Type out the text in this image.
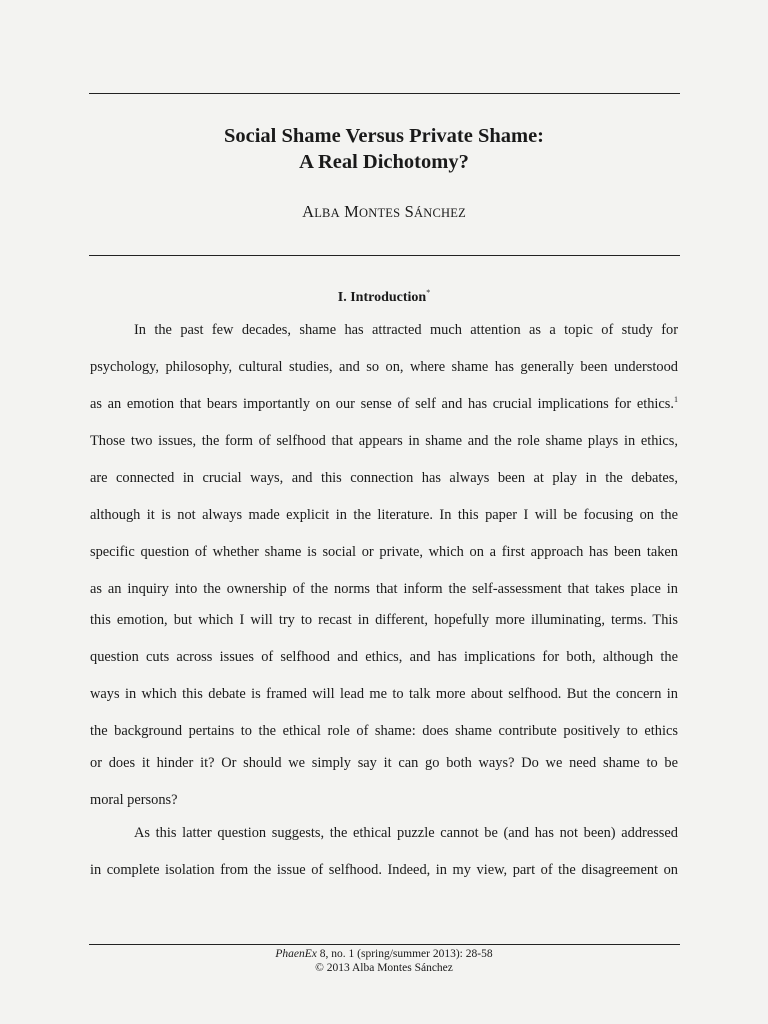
Social Shame Versus Private Shame:
A Real Dichotomy?
ALBA MONTES SÁNCHEZ
I. Introduction*
In the past few decades, shame has attracted much attention as a topic of study for
psychology, philosophy, cultural studies, and so on, where shame has generally been understood
as an emotion that bears importantly on our sense of self and has crucial implications for ethics.$^1$
Those two issues, the form of selfhood that appears in shame and the role shame plays in ethics,
are connected in crucial ways, and this connection has always been at play in the debates,
although it is not always made explicit in the literature. In this paper I will be focusing on the
specific question of whether shame is social or private, which on a first approach has been taken
as an inquiry into the ownership of the norms that inform the self-assessment that takes place in
this emotion, but which I will try to recast in different, hopefully more illuminating, terms. This
question cuts across issues of selfhood and ethics, and has implications for both, although the
ways in which this debate is framed will lead me to talk more about selfhood. But the concern in
the background pertains to the ethical role of shame: does shame contribute positively to ethics
or does it hinder it? Or should we simply say it can go both ways? Do we need shame to be
moral persons?
As this latter question suggests, the ethical puzzle cannot be (and has not been) addressed
in complete isolation from the issue of selfhood. Indeed, in my view, part of the disagreement on
PhaenEx 8, no. 1 (spring/summer 2013): 28-58
© 2013 Alba Montes Sánchez
